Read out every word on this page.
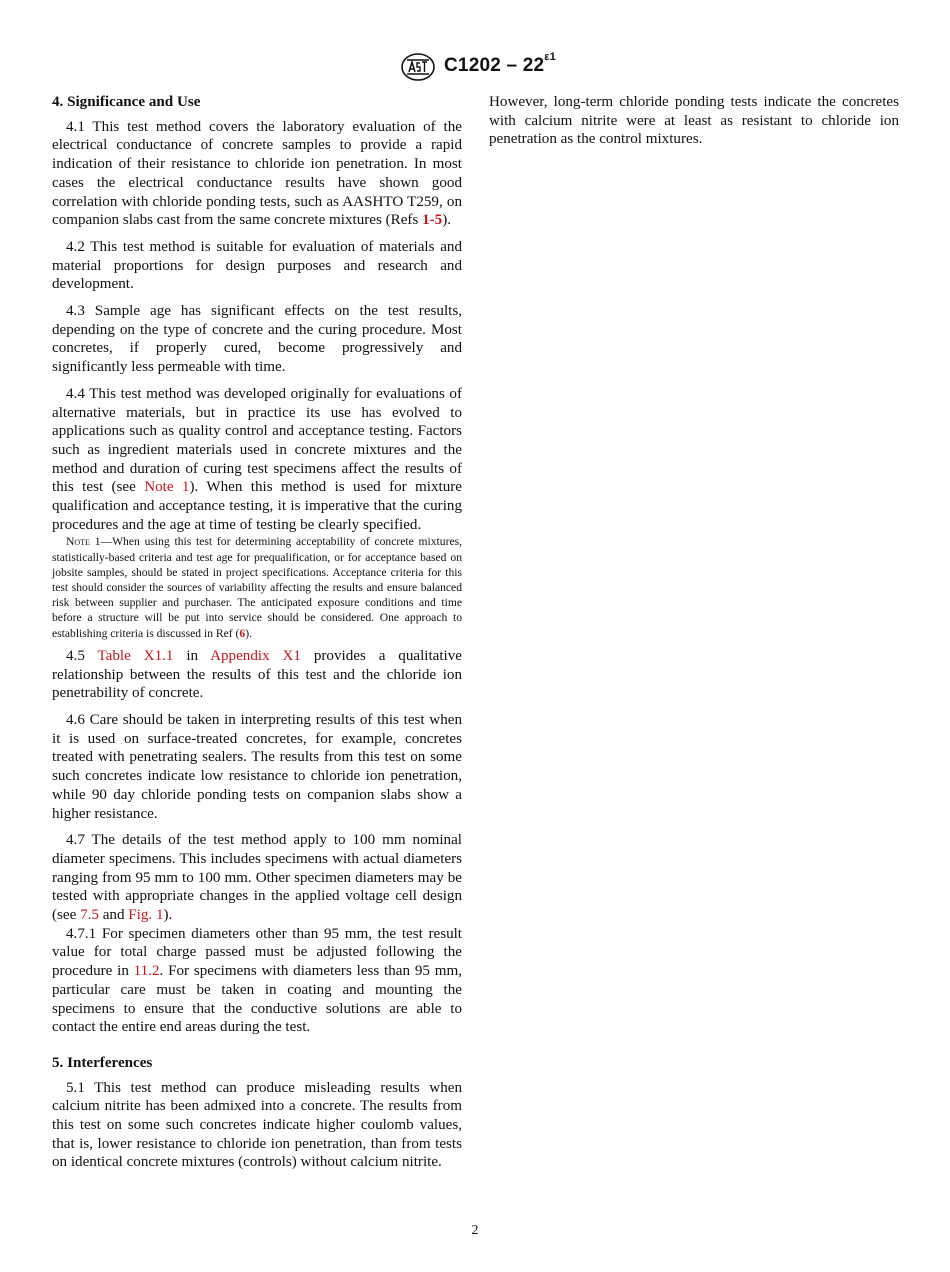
$C1202 - 22^{\varepsilon 1}$
4. Significance and Use

4.1 This test method covers the laboratory evaluation of the electrical conductance of concrete samples to provide a rapid indication of their resistance to chloride ion penetration. In most cases the electrical conductance results have shown good correlation with chloride ponding tests, such as AASHTO T259, on companion slabs cast from the same concrete mixtures (Refs 1-5).

4.2 This test method is suitable for evaluation of materials and material proportions for design purposes and research and development.

4.3 Sample age has significant effects on the test results, depending on the type of concrete and the curing procedure. Most concretes, if properly cured, become progressively and significantly less permeable with time.

4.4 This test method was developed originally for evaluations of alternative materials, but in practice its use has evolved to applications such as quality control and acceptance testing. Factors such as ingredient materials used in concrete mixtures and the method and duration of curing test specimens affect the results of this test (see Note 1). When this method is used for mixture qualification and acceptance testing, it is imperative that the curing procedures and the age at time of testing be clearly specified.

Note 1—When using this test for determining acceptability of concrete mixtures, statistically-based criteria and test age for prequalification, or for acceptance based on jobsite samples, should be stated in project specifications. Acceptance criteria for this test should consider the sources of variability affecting the results and ensure balanced risk between supplier and purchaser. The anticipated exposure conditions and time before a structure will be put into service should be considered. One approach to establishing criteria is discussed in Ref (6).

4.5 Table X1.1 in Appendix X1 provides a qualitative relationship between the results of this test and the chloride ion penetrability of concrete.

4.6 Care should be taken in interpreting results of this test when it is used on surface-treated concretes, for example, concretes treated with penetrating sealers. The results from this test on some such concretes indicate low resistance to chloride ion penetration, while 90 day chloride ponding tests on companion slabs show a higher resistance.

4.7 The details of the test method apply to 100 mm nominal diameter specimens. This includes specimens with actual diameters ranging from 95 mm to 100 mm. Other specimen diameters may be tested with appropriate changes in the applied voltage cell design (see 7.5 and Fig. 1).

4.7.1 For specimen diameters other than 95 mm, the test result value for total charge passed must be adjusted following the procedure in 11.2. For specimens with diameters less than 95 mm, particular care must be taken in coating and mounting the specimens to ensure that the conductive solutions are able to contact the entire end areas during the test.

5. Interferences

5.1 This test method can produce misleading results when calcium nitrite has been admixed into a concrete. The results from this test on some such concretes indicate higher coulomb values, that is, lower resistance to chloride ion penetration, than from tests on identical concrete mixtures (controls) without calcium nitrite.

However, long-term chloride ponding tests indicate the concretes with calcium nitrite were at least as resistant to chloride ion penetration as the control mixtures.

2
